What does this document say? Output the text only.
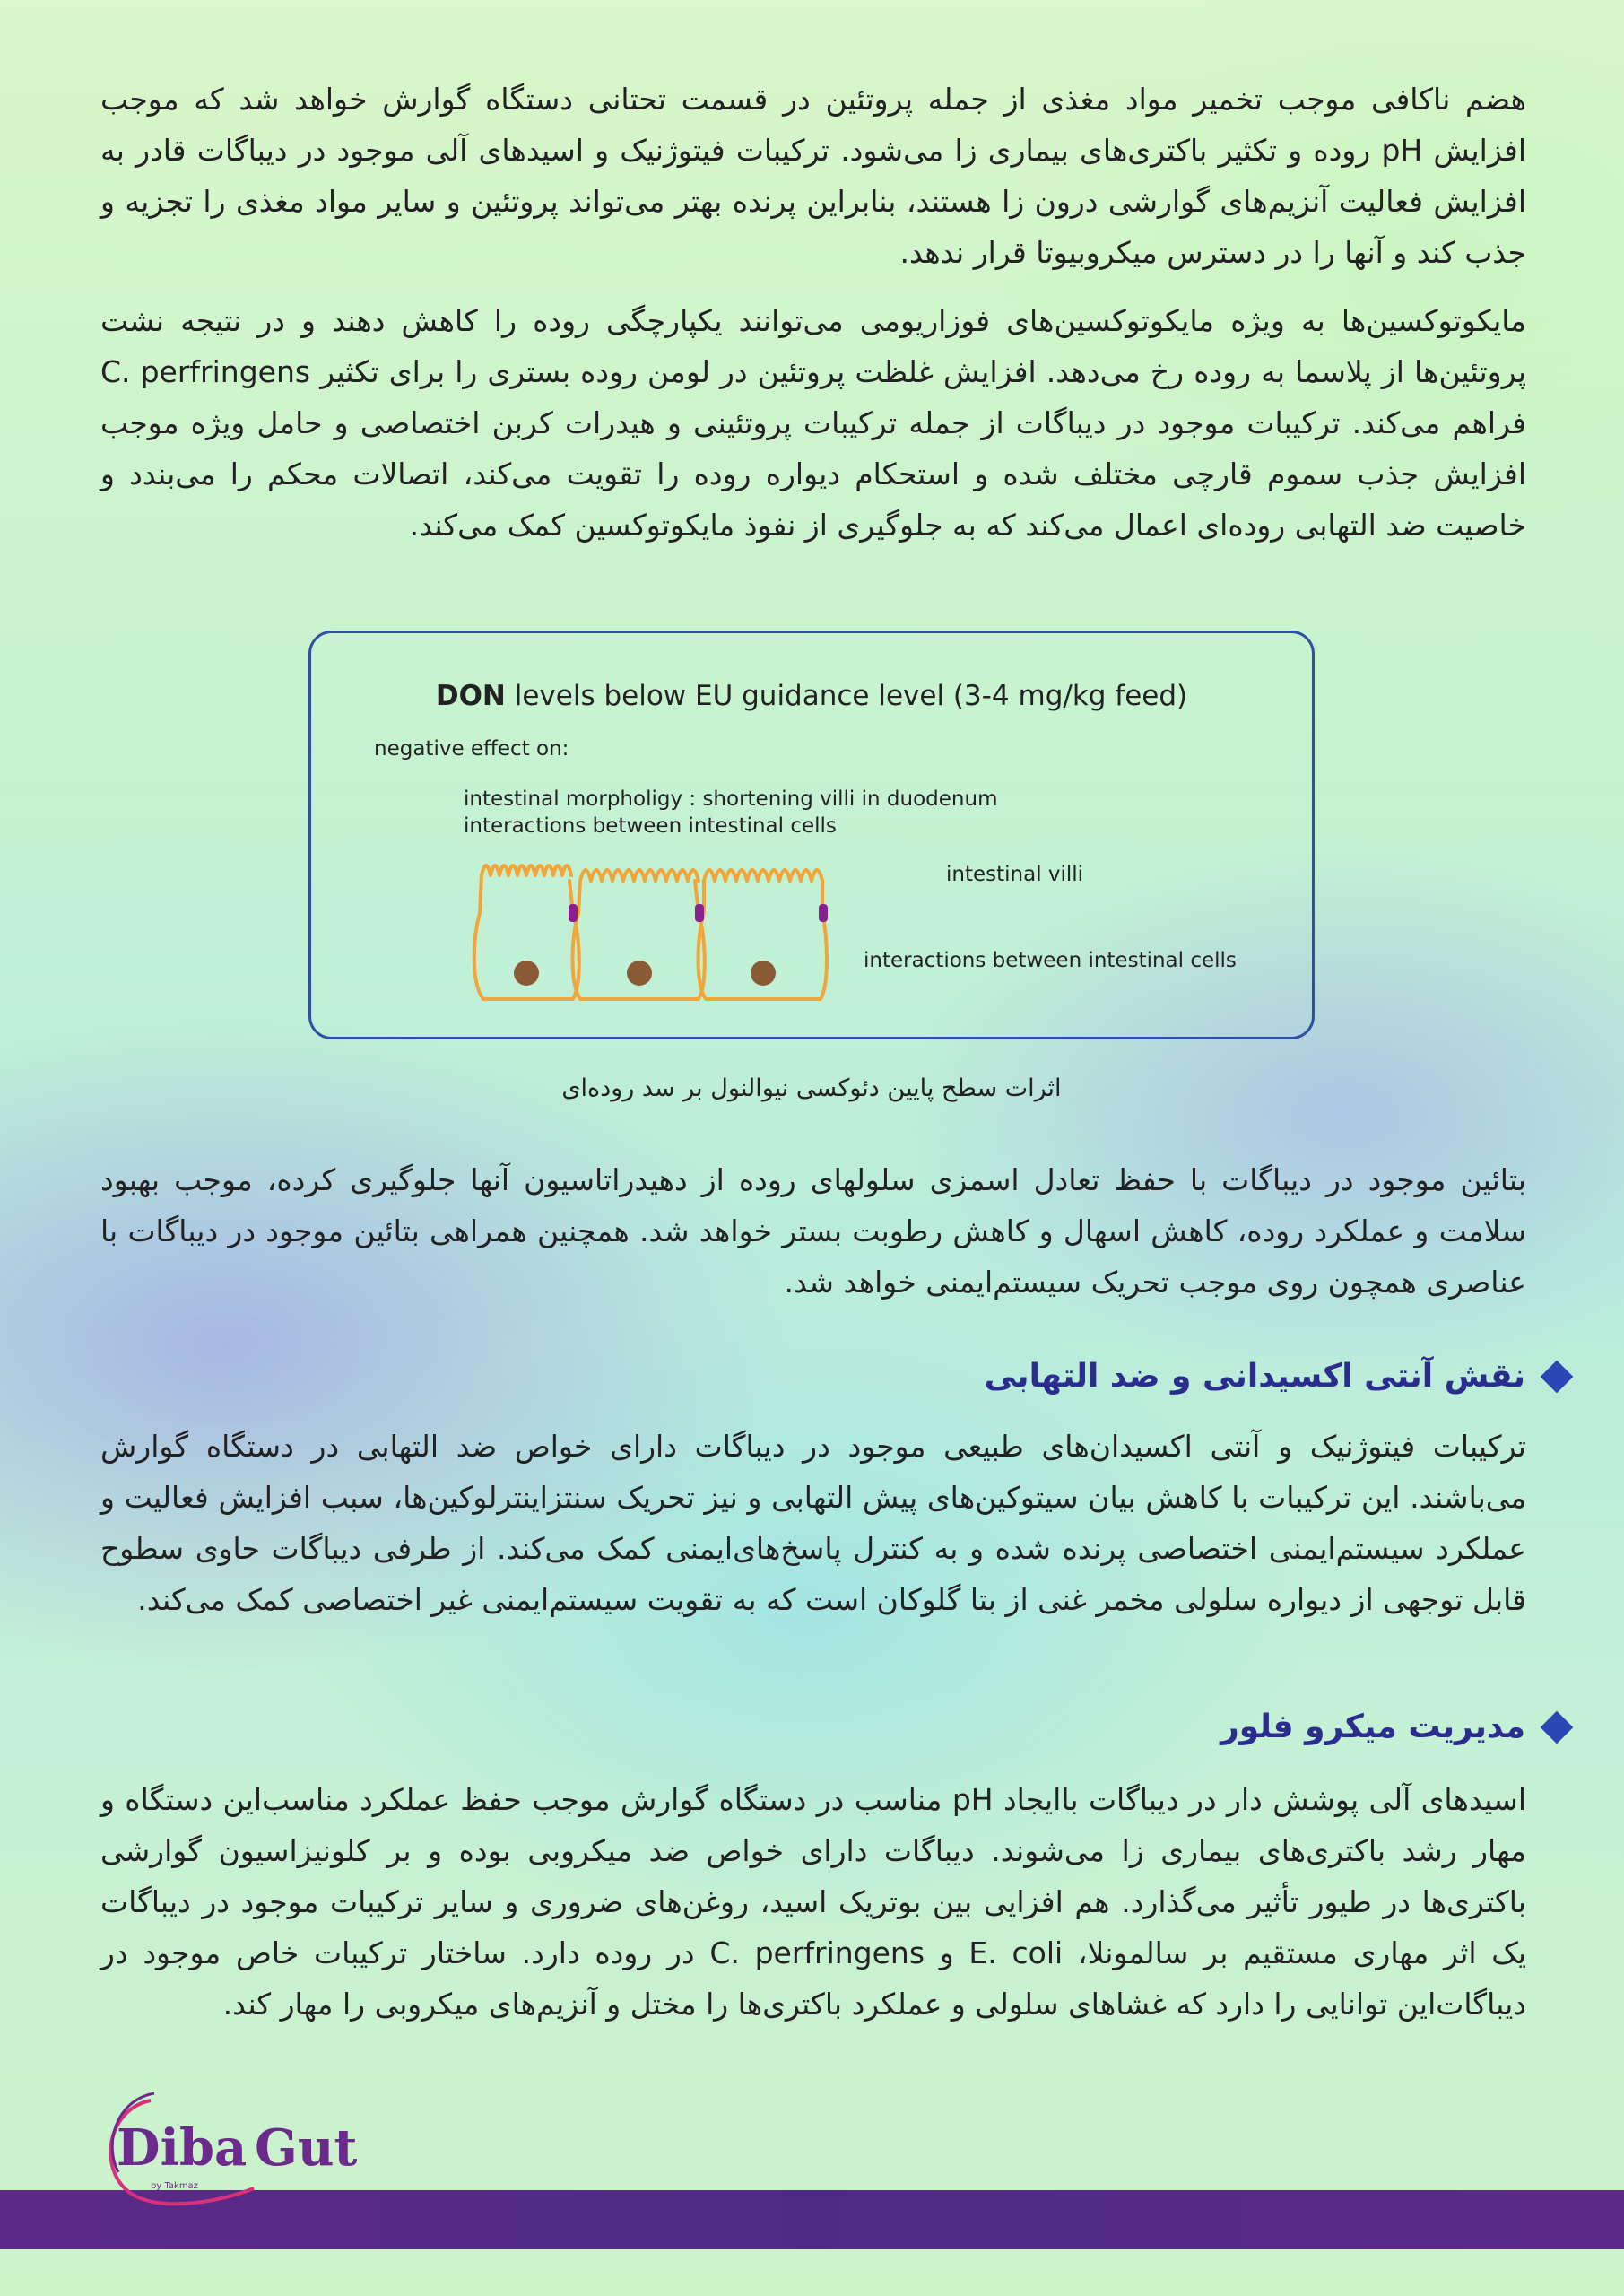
هضم ناکافی موجب تخمیر مواد مغذی از جمله پروتئین در قسمت تحتانی دستگاه گوارش خواهد شد که موجب افزایش pH روده و تکثیر باکتری‌های بیماری زا می‌شود. ترکیبات فیتوژنیک و اسیدهای آلی موجود در دیباگات قادر به افزایش فعالیت آنزیم‌های گوارشی درون زا هستند، بنابراین پرنده بهتر می‌تواند پروتئین و سایر مواد مغذی را تجزیه و جذب کند و آنها را در دسترس میکروبیوتا قرار ندهد.

مایکوتوکسین‌ها به ویژه مایکوتوکسین‌های فوزاریومی می‌توانند یکپارچگی روده را کاهش دهند و در نتیجه نشت پروتئین‌ها از پلاسما به روده رخ می‌دهد. افزایش غلظت پروتئین در لومن روده بستری را برای تکثیر C. perfringens فراهم می‌کند. ترکیبات موجود در دیباگات از جمله ترکیبات پروتئینی و هیدرات کربن اختصاصی و حامل ویژه موجب افزایش جذب سموم قارچی مختلف شده و استحکام دیواره روده را تقویت می‌کند، اتصالات محکم را می‌بندد و خاصیت ضد التهابی روده‌ای اعمال می‌کند که به جلوگیری از نفوذ مایکوتوکسین کمک می‌کند.

DON levels below EU guidance level (3-4 mg/kg feed)
negative effect on:
intestinal morpholigy : shortening villi in duodenum
interactions between intestinal cells
intestinal villi
interactions between intestinal cells
اثرات سطح پایین دئوکسی نیوالنول بر سد روده‌ای

بتائین موجود در دیباگات با حفظ تعادل اسمزی سلولهای روده از دهیدراتاسیون آنها جلوگیری کرده، موجب بهبود سلامت و عملکرد روده، کاهش اسهال و کاهش رطوبت بستر خواهد شد. همچنین همراهی بتائین موجود در دیباگات با عناصری همچون روی موجب تحریک سیستم‌ایمنی خواهد شد.

نقش آنتی اکسیدانی و ضد التهابی

ترکیبات فیتوژنیک و آنتی اکسیدان‌های طبیعی موجود در دیباگات دارای خواص ضد التهابی در دستگاه گوارش می‌باشند. این ترکیبات با کاهش بیان سیتوکین‌های پیش التهابی و نیز تحریک سنتزاینترلوکین‌ها، سبب افزایش فعالیت و عملکرد سیستم‌ایمنی اختصاصی پرنده شده و به کنترل پاسخ‌های‌ایمنی کمک می‌کند. از طرفی دیباگات حاوی سطوح قابل توجهی از دیواره سلولی مخمر غنی از بتا گلوکان است که به تقویت سیستم‌ایمنی غیر اختصاصی کمک می‌کند.

مدیریت میکرو فلور

اسیدهای آلی پوشش دار در دیباگات باایجاد pH مناسب در دستگاه گوارش موجب حفظ عملکرد مناسب‌این دستگاه و مهار رشد باکتری‌های بیماری زا می‌شوند. دیباگات دارای خواص ضد میکروبی بوده و بر کلونیزاسیون گوارشی باکتری‌ها در طیور تأثیر می‌گذارد. هم افزایی بین بوتریک اسید، روغن‌های ضروری و سایر ترکیبات موجود در دیباگات یک اثر مهاری مستقیم بر سالمونلا، E. coli و C. perfringens در روده دارد. ساختار ترکیبات خاص موجود در دیباگات‌این توانایی را دارد که غشاهای سلولی و عملکرد باکتری‌ها را مختل و آنزیم‌های میکروبی را مهار کند.

Diba Gut
by Takmaz
